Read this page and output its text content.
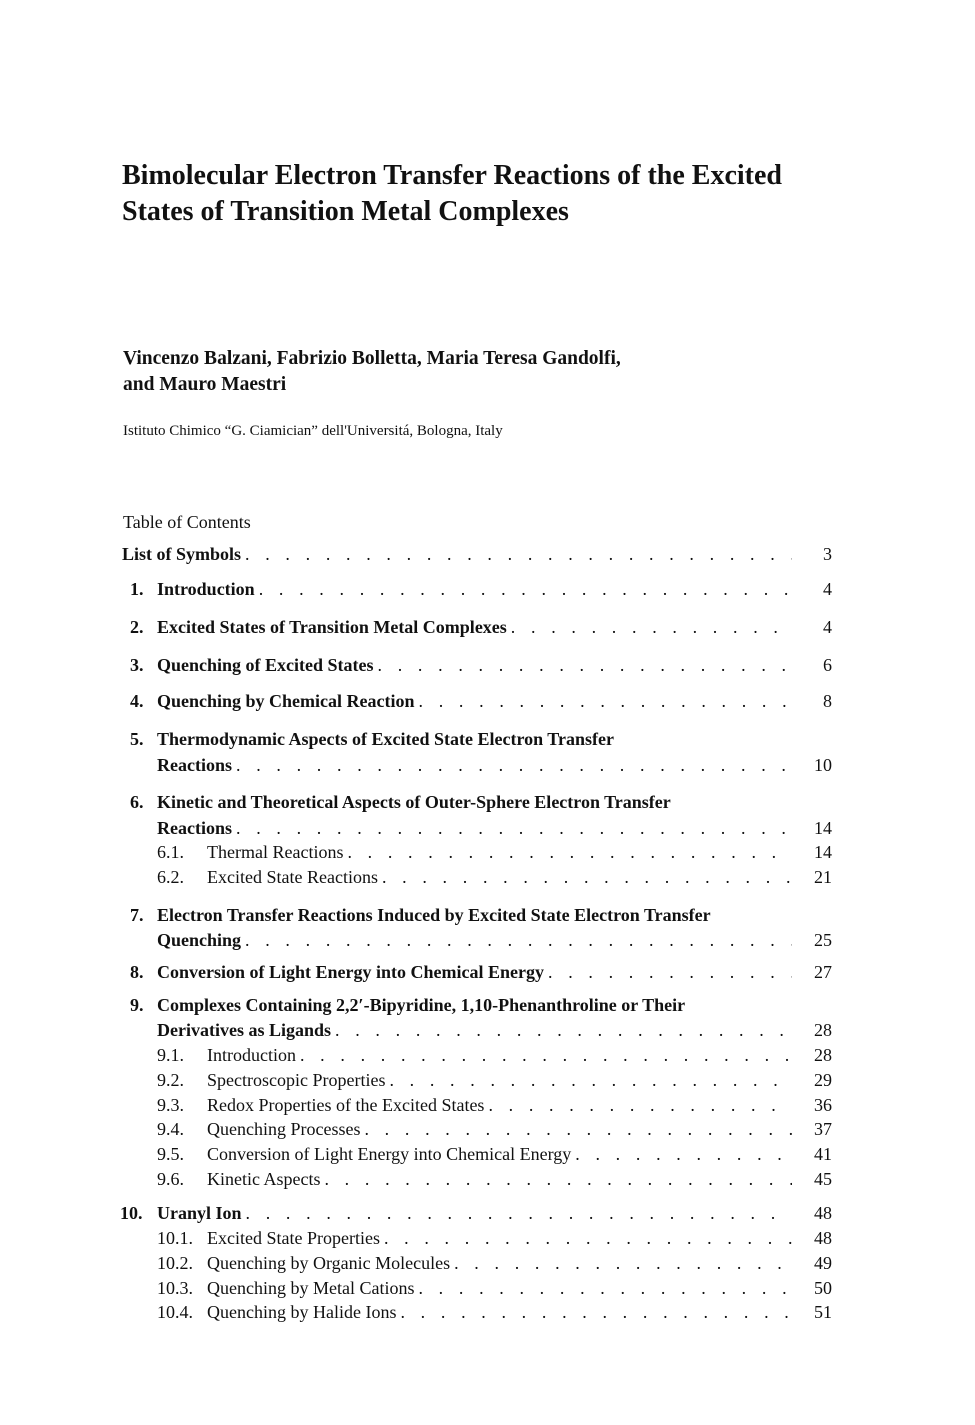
Bimolecular Electron Transfer Reactions of the Excited
States of Transition Metal Complexes
Vincenzo Balzani, Fabrizio Bolletta, Maria Teresa Gandolfi,
and Mauro Maestri
Istituto Chimico “G. Ciamician” dell'Universitá, Bologna, Italy
Table of Contents
List of Symbols . . .	3
1. Introduction . . .	4
2. Excited States of Transition Metal Complexes . . .	4
3. Quenching of Excited States . . .	6
4. Quenching by Chemical Reaction . . .	8
5. Thermodynamic Aspects of Excited State Electron Transfer
Reactions . . .	10
6. Kinetic and Theoretical Aspects of Outer-Sphere Electron Transfer
Reactions . . .	14
6.1.	Thermal Reactions . . .	14
6.2.	Excited State Reactions . . .	21
7. Electron Transfer Reactions Induced by Excited State Electron Transfer
Quenching . . .	25
8. Conversion of Light Energy into Chemical Energy . . .	27
9. Complexes Containing 2,2′-Bipyridine, 1,10-Phenanthroline or Their
Derivatives as Ligands . . .	28
9.1.	Introduction . . .	28
9.2.	Spectroscopic Properties . . .	29
9.3.	Redox Properties of the Excited States . . .	36
9.4.	Quenching Processes . . .	37
9.5.	Conversion of Light Energy into Chemical Energy . . .	41
9.6.	Kinetic Aspects . . .	45
10. Uranyl Ion . . .	48
10.1. Excited State Properties . . .	48
10.2. Quenching by Organic Molecules . . .	49
10.3. Quenching by Metal Cations . . .	50
10.4. Quenching by Halide Ions . . .	51
